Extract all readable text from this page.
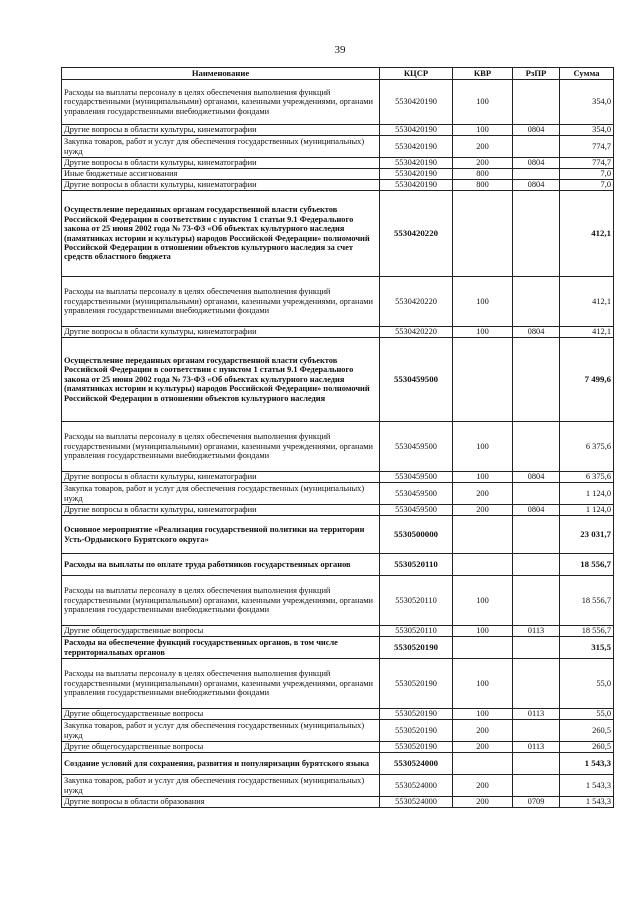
39
Наименование	КЦСР	КВР	РзПР	Сумма
Расходы на выплаты персоналу в целях обеспечения выполнения функций государственными (муниципальными) органами, казенными учреждениями, органами управления государственными внебюджетными фондами	5530420190	100		354,0
Другие вопросы в области культуры, кинематографии	5530420190	100	0804	354,0
Закупка товаров, работ и услуг для обеспечения государственных (муниципальных) нужд	5530420190	200		774,7
Другие вопросы в области культуры, кинематографии	5530420190	200	0804	774,7
Иные бюджетные ассигнования	5530420190	800		7,0
Другие вопросы в области культуры, кинематографии	5530420190	800	0804	7,0
Осуществление переданных органам государственной власти субъектов Российской Федерации в соответствии с пунктом 1 статьи 9.1 Федерального закона от 25 июня 2002 года № 73-ФЗ «Об объектах культурного наследия (памятниках истории и культуры) народов Российской Федерации» полномочий Российской Федерации в отношении объектов культурного наследия за счет средств областного бюджета	5530420220			412,1
Расходы на выплаты персоналу в целях обеспечения выполнения функций государственными (муниципальными) органами, казенными учреждениями, органами управления государственными внебюджетными фондами	5530420220	100		412,1
Другие вопросы в области культуры, кинематографии	5530420220	100	0804	412,1
Осуществление переданных органам государственной власти субъектов Российской Федерации в соответствии с пунктом 1 статьи 9.1 Федерального закона от 25 июня 2002 года № 73-ФЗ «Об объектах культурного наследия (памятниках истории и культуры) народов Российской Федерации» полномочий Российской Федерации в отношении объектов культурного наследия	5530459500			7 499,6
Расходы на выплаты персоналу в целях обеспечения выполнения функций государственными (муниципальными) органами, казенными учреждениями, органами управления государственными внебюджетными фондами	5530459500	100		6 375,6
Другие вопросы в области культуры, кинематографии	5530459500	100	0804	6 375,6
Закупка товаров, работ и услуг для обеспечения государственных (муниципальных) нужд	5530459500	200		1 124,0
Другие вопросы в области культуры, кинематографии	5530459500	200	0804	1 124,0
Основное мероприятие «Реализация государственной политики на территории Усть-Ордынского Бурятского округа»	5530500000			23 031,7
Расходы на выплаты по оплате труда работников государственных органов	5530520110			18 556,7
Расходы на выплаты персоналу в целях обеспечения выполнения функций государственными (муниципальными) органами, казенными учреждениями, органами управления государственными внебюджетными фондами	5530520110	100		18 556,7
Другие общегосударственные вопросы	5530520110	100	0113	18 556,7
Расходы на обеспечение функций государственных органов, в том числе территориальных органов	5530520190			315,5
Расходы на выплаты персоналу в целях обеспечения выполнения функций государственными (муниципальными) органами, казенными учреждениями, органами управления государственными внебюджетными фондами	5530520190	100		55,0
Другие общегосударственные вопросы	5530520190	100	0113	55,0
Закупка товаров, работ и услуг для обеспечения государственных (муниципальных) нужд	5530520190	200		260,5
Другие общегосударственные вопросы	5530520190	200	0113	260,5
Создание условий для сохранения, развития и популяризации бурятского языка	5530524000			1 543,3
Закупка товаров, работ и услуг для обеспечения государственных (муниципальных) нужд	5530524000	200		1 543,3
Другие вопросы в области образования	5530524000	200	0709	1 543,3
